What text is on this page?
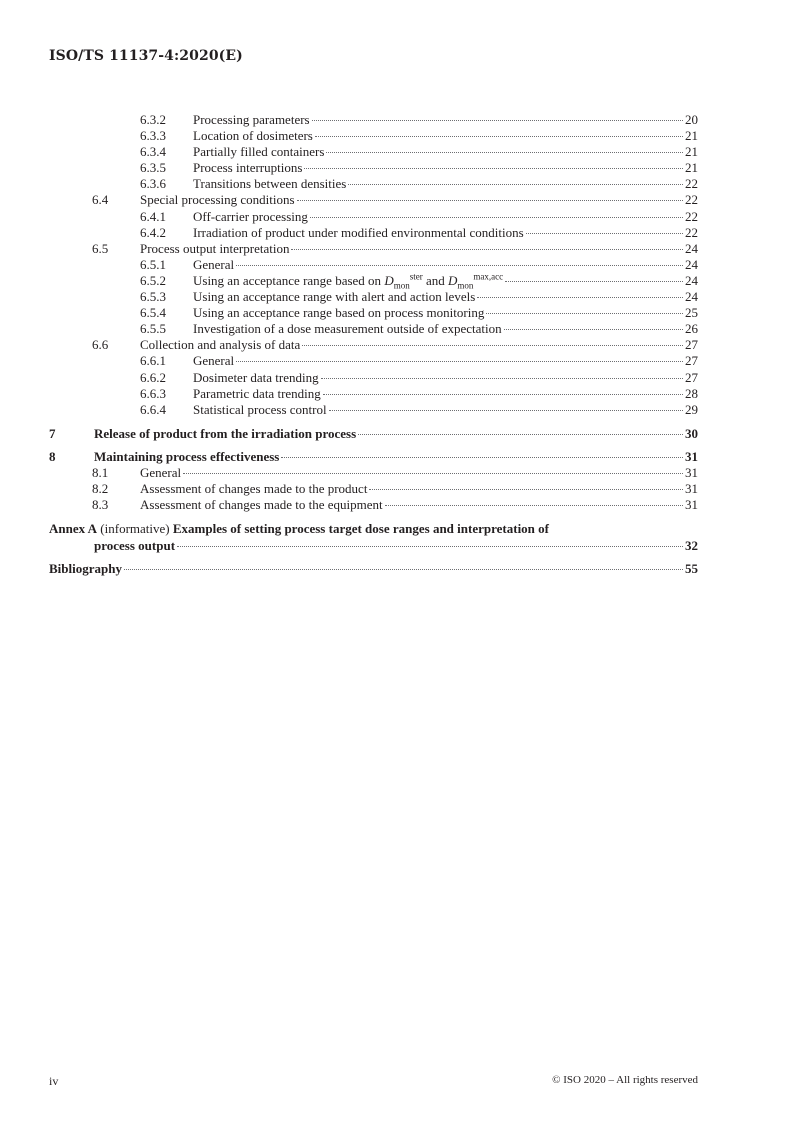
ISO/TS 11137-4:2020(E)
6.3.2 Processing parameters	20
6.3.3 Location of dosimeters	21
6.3.4 Partially filled containers	21
6.3.5 Process interruptions	21
6.3.6 Transitions between densities	22
6.4 Special processing conditions	22
6.4.1 Off-carrier processing	22
6.4.2 Irradiation of product under modified environmental conditions	22
6.5 Process output interpretation	24
6.5.1 General	24
6.5.2 Using an acceptance range based on $D_{mon}^{ster}$ and $D_{mon}^{max,acc}$	24
6.5.3 Using an acceptance range with alert and action levels	24
6.5.4 Using an acceptance range based on process monitoring	25
6.5.5 Investigation of a dose measurement outside of expectation	26
6.6 Collection and analysis of data	27
6.6.1 General	27
6.6.2 Dosimeter data trending	27
6.6.3 Parametric data trending	28
6.6.4 Statistical process control	29
7	Release of product from the irradiation process	30
8	Maintaining process effectiveness	31
8.1 General	31
8.2 Assessment of changes made to the product	31
8.3 Assessment of changes made to the equipment	31
Annex A (informative) Examples of setting process target dose ranges and interpretation of
process output	32
Bibliography	55
iv	© ISO 2020 – All rights reserved
